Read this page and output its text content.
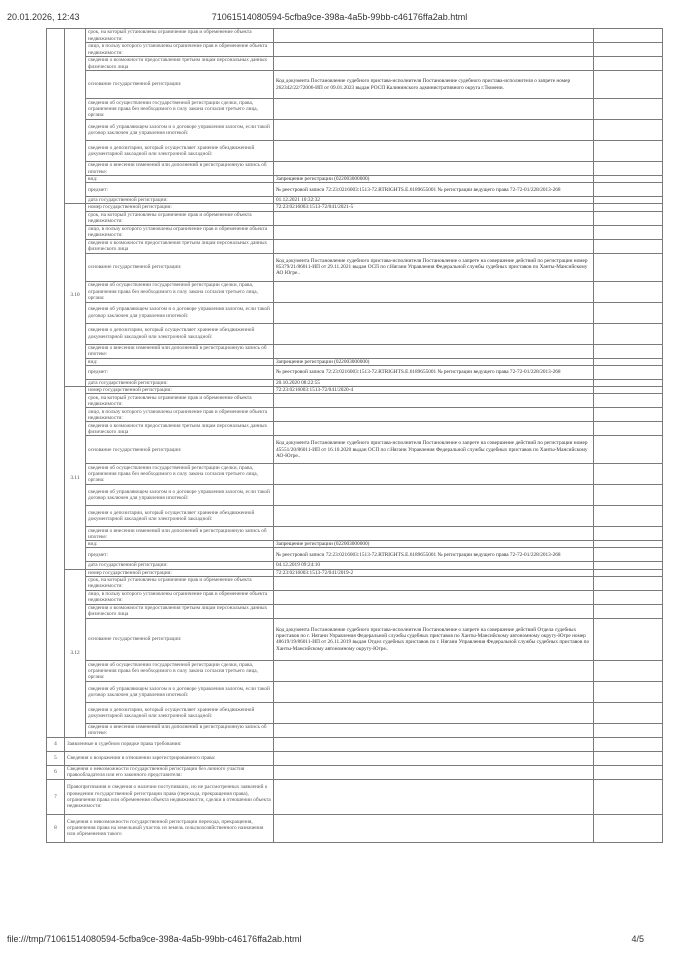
20.01.2026, 12:43	71061514080594-5cfba9ce-398a-4a5b-99bb-c46176ffa2ab.html
		срок, на который установлены ограничение прав и обременение объекта недвижимости:		
		лицо, в пользу которого установлены ограничение прав и обременение объекта недвижимости:		
		сведения о возможности предоставления третьим лицам персональных данных физического лица		
		основание государственной регистрации:	Код документа Постановление судебного пристава-исполнителя Постановление судебного пристава-исполнителя о запрете номер 262342/22/72006-ИП от 09.01.2023 выдан РОСП Калининского административного округа г.Тюмени.	
		сведения об осуществлении государственной регистрации сделки, права, ограничения права без необходимого в силу закона согласия третьего лица, органа:		
		сведения об управляющем залогом и о договоре управления залогом, если такой договор заключен для управления ипотекой:		
		сведения о депозитарии, который осуществляет хранение обездвиженной документарной закладной или электронной закладной:		
		сведения о внесении изменений или дополнений в регистрационную запись об ипотеке:		
		вид:	Запрещение регистрации (022003000000)	
		предмет:	№ реестровой записи 72:23:0216003:1513-72.RTRIGHTS.E.6189655001 № регистрации ведущего права 72-72-01/228/2013-268	
		дата государственной регистрации:	01.12.2021 10:32:32	
	3.10	номер государственной регистрации:	72:23:0216003:1513-72/041/2021-5	
		срок, на который установлены ограничение прав и обременение объекта недвижимости:		
		лицо, в пользу которого установлены ограничение прав и обременение объекта недвижимости:		
		сведения о возможности предоставления третьим лицам персональных данных физического лица		
		основание государственной регистрации:	Код документа Постановление судебного пристава-исполнителя Постановление о запрете на совершение действий по регистрации номер 85379/21/86011-ИП от 29.11.2021 выдан ОСП по г.Нягани Управления Федеральной службы судебных приставов по Ханты-Мансийскому АО Югре..	
		сведения об осуществлении государственной регистрации сделки, права, ограничения права без необходимого в силу закона согласия третьего лица, органа:		
		сведения об управляющем залогом и о договоре управления залогом, если такой договор заключен для управления ипотекой:		
		сведения о депозитарии, который осуществляет хранение обездвиженной документарной закладной или электронной закладной:		
		сведения о внесении изменений или дополнений в регистрационную запись об ипотеке:		
		вид:	Запрещение регистрации (022003000000)	
		предмет:	№ реестровой записи 72:23:0216003:1513-72.RTRIGHTS.E.6189655001 № регистрации ведущего права 72-72-01/228/2013-268	
		дата государственной регистрации:	20.10.2020 08:22:55	
	3.11	номер государственной регистрации:	72:23:0216003:1513-72/041/2020-4	
		срок, на который установлены ограничение прав и обременение объекта недвижимости:		
		лицо, в пользу которого установлены ограничение прав и обременение объекта недвижимости:		
		сведения о возможности предоставления третьим лицам персональных данных физического лица		
		основание государственной регистрации:	Код документа Постановление судебного пристава-исполнителя Постановление о запрете на совершение действий по регистрации номер 45551/20/86011-ИП от 16.10.2020 выдан ОСП по г.Нягани Управления Федеральной службы судебных приставов по Ханты-Мансийскому АО-Югре..	
		сведения об осуществлении государственной регистрации сделки, права, ограничения права без необходимого в силу закона согласия третьего лица, органа:		
		сведения об управляющем залогом и о договоре управления залогом, если такой договор заключен для управления ипотекой:		
		сведения о депозитарии, который осуществляет хранение обездвиженной документарной закладной или электронной закладной:		
		сведения о внесении изменений или дополнений в регистрационную запись об ипотеке:		
		вид:	Запрещение регистрации (022003000000)	
		предмет:	№ реестровой записи 72:23:0216003:1513-72.RTRIGHTS.E.6189655001 № регистрации ведущего права 72-72-01/228/2013-268	
		дата государственной регистрации:	04.12.2019 09:24:10	
	3.12	номер государственной регистрации:	72:23:0216003:1513-72/041/2019-2	
		срок, на который установлены ограничение прав и обременение объекта недвижимости:		
		лицо, в пользу которого установлены ограничение прав и обременение объекта недвижимости:		
		сведения о возможности предоставления третьим лицам персональных данных физического лица		
		основание государственной регистрации:	Код документа Постановление судебного пристава-исполнителя Постановление о запрете на совершение действий Отдела судебных приставов по г. Нягани Управления Федеральной службы судебных приставов по Ханты-Мансийскому автономному округу-Югре номер 48619/19/86011-ИП от 26.11.2019 выдан Отдел судебных приставов по г. Нягани Управления Федеральной службы судебных приставов по Ханты-Мансийскому автономному округу-Югре..	
		сведения об осуществлении государственной регистрации сделки, права, ограничения права без необходимого в силу закона согласия третьего лица, органа:		
		сведения об управляющем залогом и о договоре управления залогом, если такой договор заключен для управления ипотекой:		
		сведения о депозитарии, который осуществляет хранение обездвиженной документарной закладной или электронной закладной:		
		сведения о внесении изменений или дополнений в регистрационную запись об ипотеке:		
4	Заявленные в судебном порядке права требования:			
5	Сведения о возражении в отношении зарегистрированного права:			
6	Сведения о невозможности государственной регистрации без личного участия правообладателя или его законного представителя:			
7	Правопритязания и сведения о наличии поступивших, но не рассмотренных заявлений о проведении государственной регистрации права (перехода, прекращения права), ограничения права или обременения объекта недвижимости, сделки в отношении объекта недвижимости:			
8	Сведения о невозможности государственной регистрации перехода, прекращения, ограничения права на земельный участок из земель сельскохозяйственного назначения или обременения такого			
file:///tmp/71061514080594-5cfba9ce-398a-4a5b-99bb-c46176ffa2ab.html	4/5
